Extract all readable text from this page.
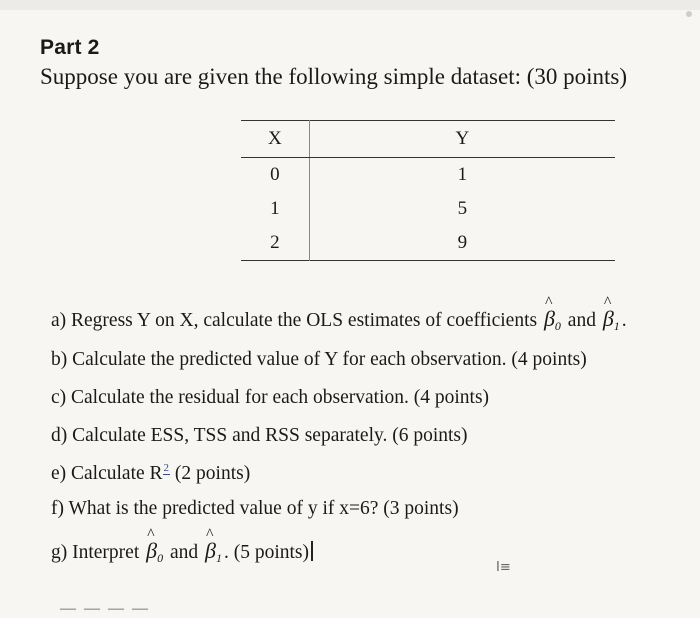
Part 2
Suppose you are given the following simple dataset: (30 points)
X	Y
0	1
1	5
2	9
a) Regress Y on X, calculate the OLS estimates of coefficients
^
$\beta_0$ and
^
$\beta_1$ .
b) Calculate the predicted value of Y for each observation. (4 points)
c) Calculate the residual for each observation. (4 points)
d) Calculate ESS, TSS and RSS separately. (6 points)
e) Calculate $R^2$ (2 points)
f) What is the predicted value of y if x=6? (3 points)
g) Interpret
^
$\beta_0$ and
^
$\beta_1$ . (5 points)
I≡
— — — —
